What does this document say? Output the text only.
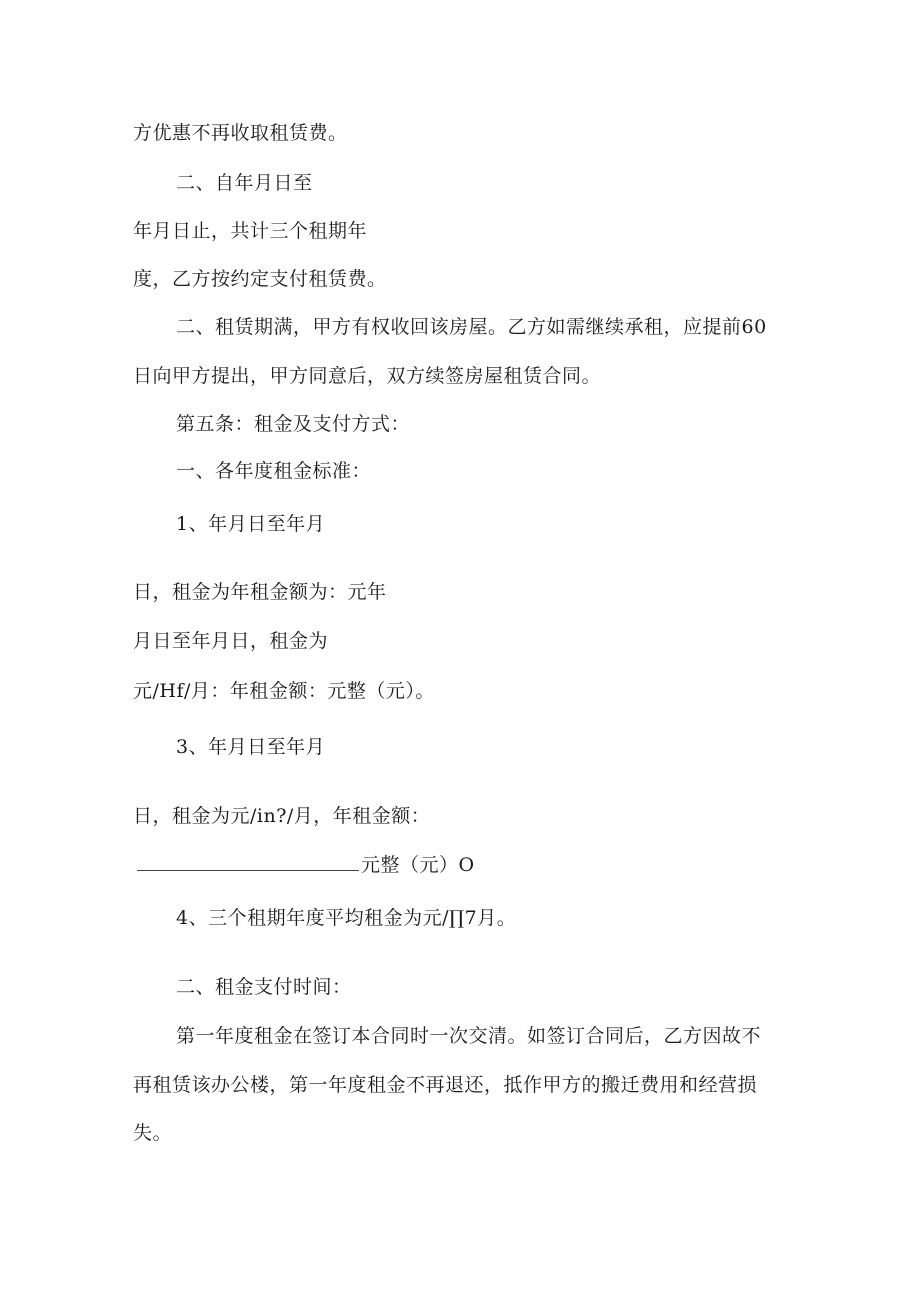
方优惠不再收取租赁费。
二、自年月日至
年月日止，共计三个租期年
度，乙方按约定支付租赁费。
二、租赁期满，甲方有权收回该房屋。乙方如需继续承租，应提前60
日向甲方提出，甲方同意后，双方续签房屋租赁合同。
第五条：租金及支付方式：
一、各年度租金标准：
1、年月日至年月
日，租金为年租金额为：元年
月日至年月日，租金为
元/Hf/月：年租金额：元整（元）。
3、年月日至年月
日，租金为元/in?/月，年租金额：
元整（元）O
4、三个租期年度平均租金为元∕∏7月。
二、租金支付时间：
第一年度租金在签订本合同时一次交清。如签订合同后，乙方因故不
再租赁该办公楼，第一年度租金不再退还，抵作甲方的搬迁费用和经营损
失。
